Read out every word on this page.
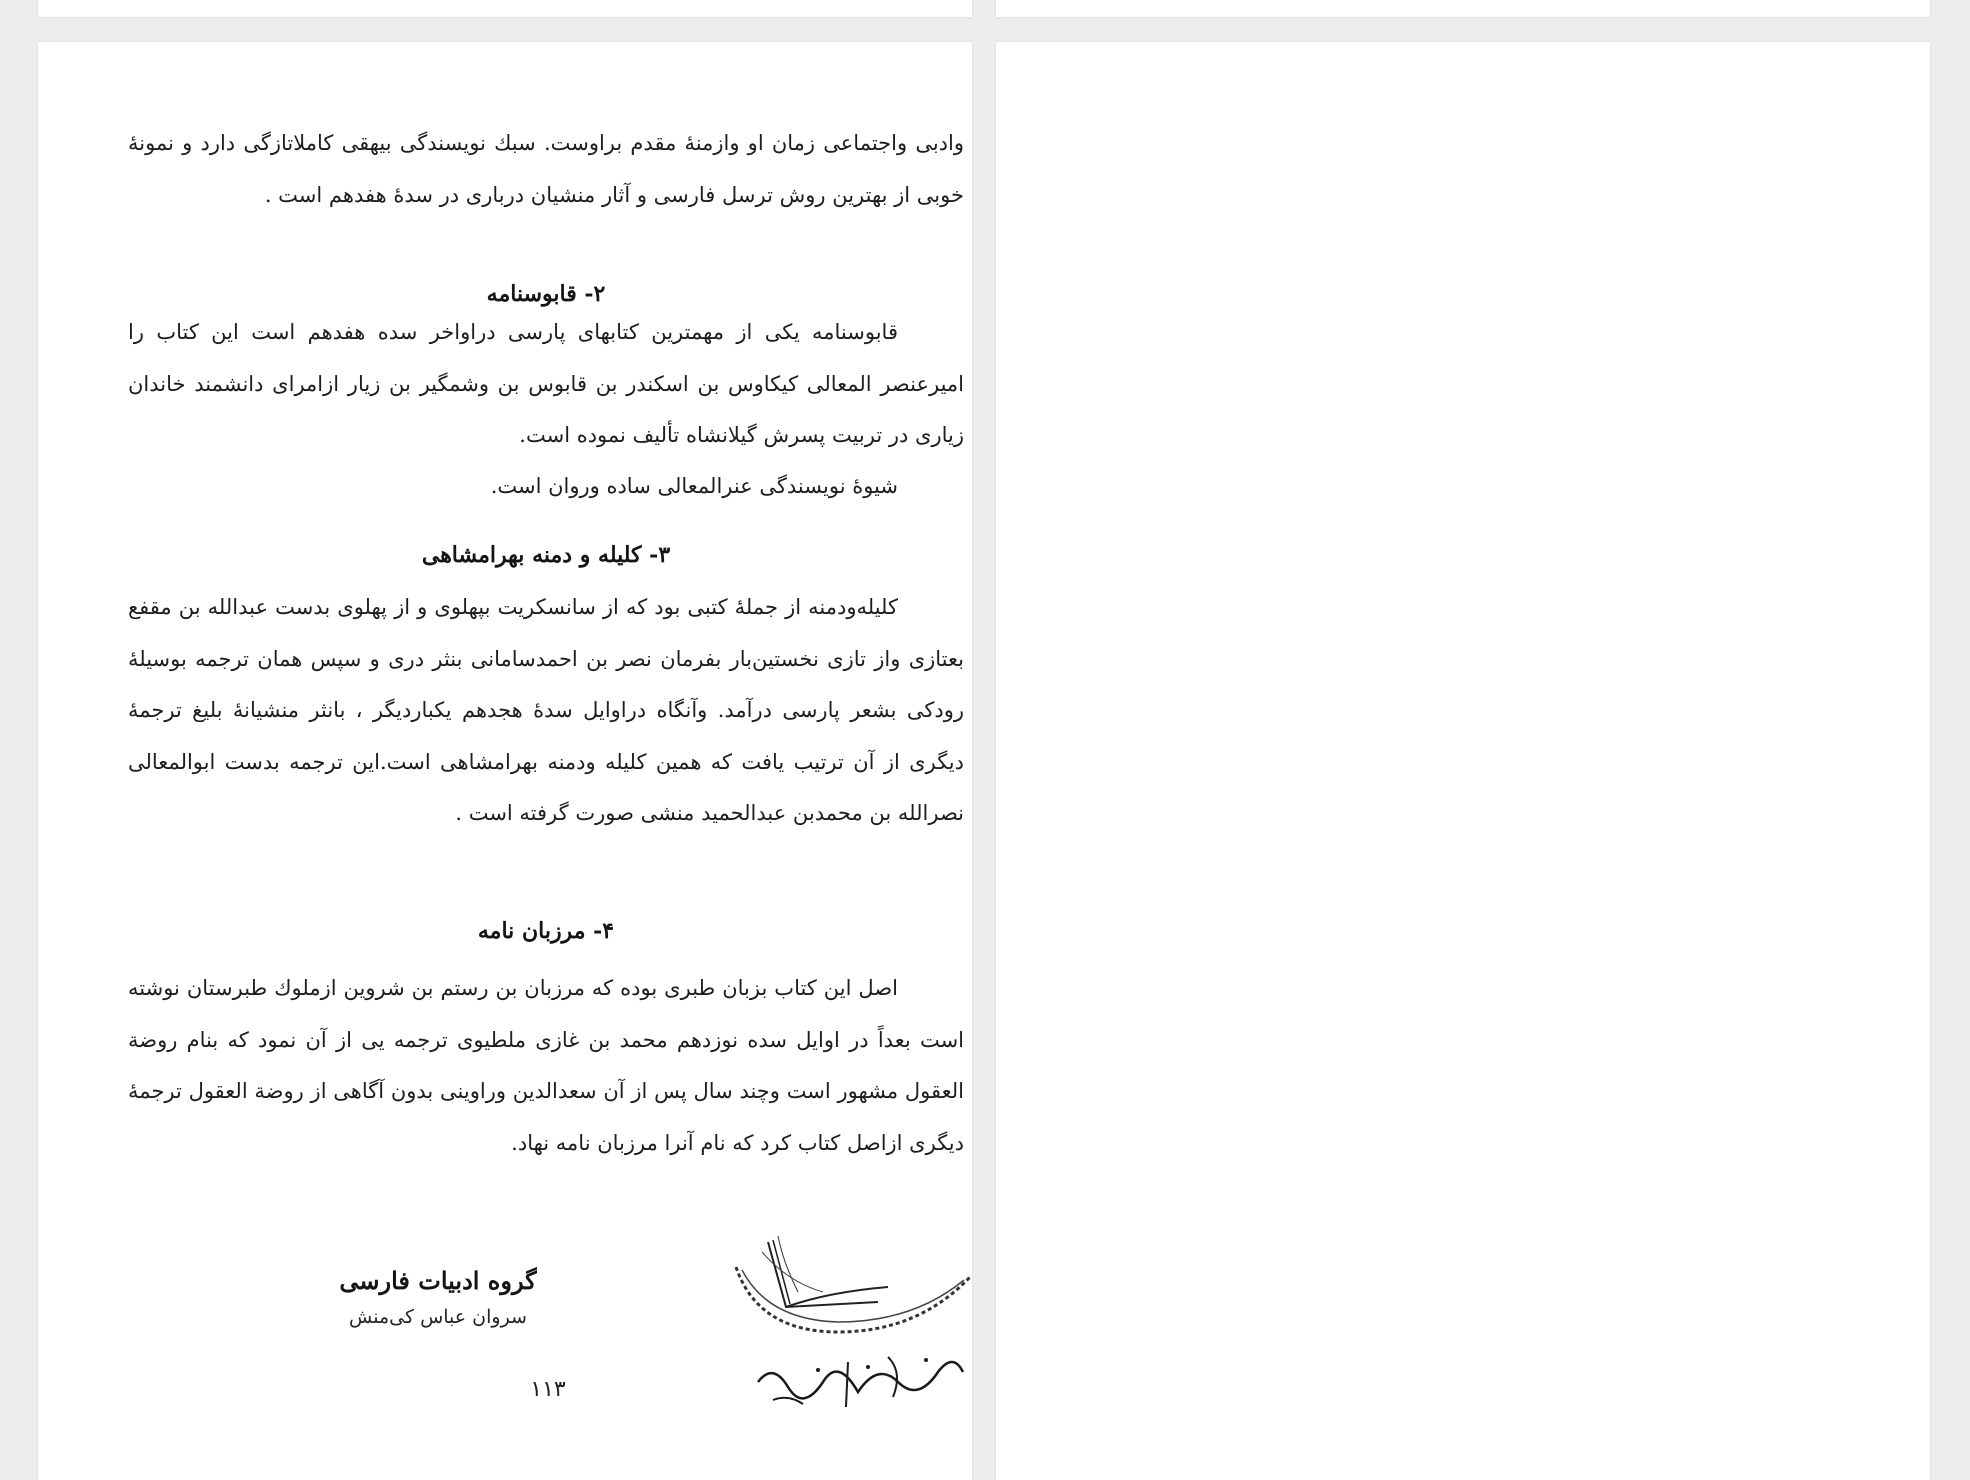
وادبی واجتماعی زمان او وازمنهٔ مقدم براوست. سبك نویسندگی بیهقی کاملاتازگی دارد و نمونهٔ خوبی از بهترین روش ترسل فارسی و آثار منشیان درباری در سدهٔ هفدهم است .
۲- قابوسنامه
قابوسنامه یکی از مهمترین کتابهای پارسی دراواخر سده هفدهم است این کتاب را امیرعنصر المعالی کیکاوس بن اسکندر بن قابوس بن وشمگیر بن زیار ازامرای دانشمند خاندان زیاری در تربیت پسرش گیلانشاه تألیف نموده است.
شیوهٔ نویسندگی عنرالمعالی ساده وروان است.
۳- کلیله و دمنه بهرامشاهی
کلیله‌ودمنه از جملهٔ کتبی بود که از سانسکریت بپهلوی و از پهلوی بدست عبدالله بن مقفع بعتازی واز تازی نخستین‌بار بفرمان نصر بن احمدسامانی بنثر دری و سپس همان ترجمه بوسیلهٔ رودکی بشعر پارسی درآمد. وآنگاه دراوایل سدهٔ هجدهم یکباردیگر ، بانثر منشیانهٔ بلیغ ترجمهٔ دیگری از آن ترتیب یافت که همین کلیله ودمنه بهرامشاهی است.این ترجمه بدست ابوالمعالی نصرالله بن محمدبن عبدالحمید منشی صورت گرفته است .
۴- مرزبان نامه
اصل این کتاب بزبان طبری بوده که مرزبان بن رستم بن شروین ازملوك طبرستان نوشته است بعداً در اوایل سده نوزدهم محمد بن غازی ملطیوی ترجمه یی از آن نمود که بنام روضة العقول مشهور است وچند سال پس از آن سعدالدین وراوینی بدون آگاهی از روضة العقول ترجمهٔ دیگری ازاصل کتاب کرد که نام آنرا مرزبان نامه نهاد.
گروه ادبیات فارسی
سروان عباس کی‌منش
۱۱۳
